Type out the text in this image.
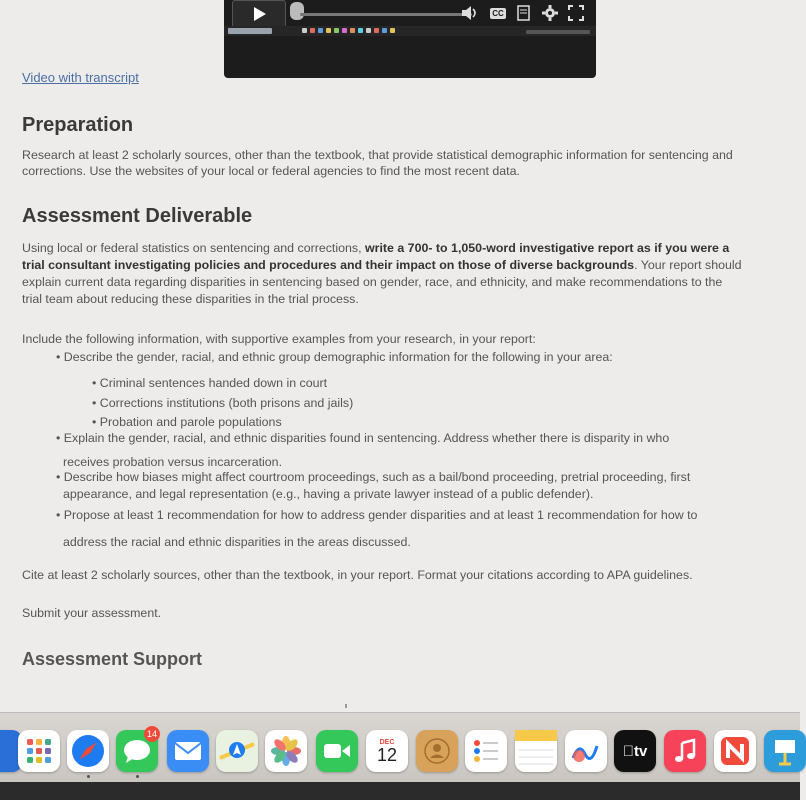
CC
Video with transcript
Preparation

Research at least 2 scholarly sources, other than the textbook, that provide statistical demographic information for sentencing and
corrections. Use the websites of your local or federal agencies to find the most recent data.

Assessment Deliverable

Using local or federal statistics on sentencing and corrections, write a 700- to 1,050-word investigative report as if you were a
trial consultant investigating policies and procedures and their impact on those of diverse backgrounds. Your report should
explain current data regarding disparities in sentencing based on gender, race, and ethnicity, and make recommendations to the
trial team about reducing these disparities in the trial process.

Include the following information, with supportive examples from your research, in your report:
• Describe the gender, racial, and ethnic group demographic information for the following in your area:
• Criminal sentences handed down in court
• Corrections institutions (both prisons and jails)
• Probation and parole populations
• Explain the gender, racial, and ethnic disparities found in sentencing. Address whether there is disparity in who
receives probation versus incarceration.
• Describe how biases might affect courtroom proceedings, such as a bail/bond proceeding, pretrial proceeding, first
appearance, and legal representation (e.g., having a private lawyer instead of a public defender).
• Propose at least 1 recommendation for how to address gender disparities and at least 1 recommendation for how to
address the racial and ethnic disparities in the areas discussed.

Cite at least 2 scholarly sources, other than the textbook, in your report. Format your citations according to APA guidelines.

Submit your assessment.

Assessment Support
14
DEC
12	tv
